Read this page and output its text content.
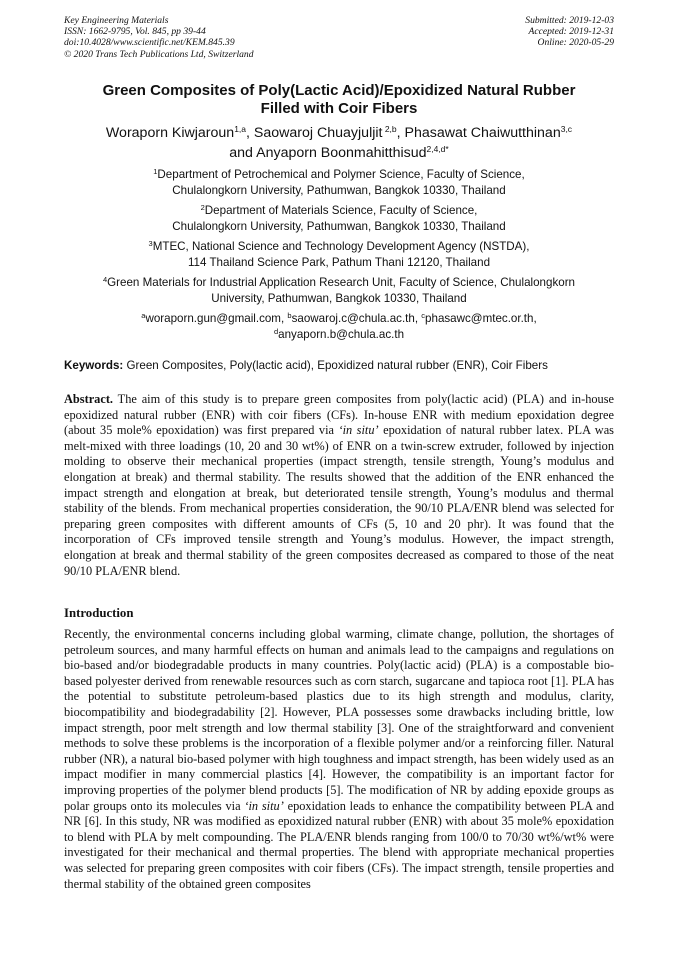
Key Engineering Materials
ISSN: 1662-9795, Vol. 845, pp 39-44
doi:10.4028/www.scientific.net/KEM.845.39
© 2020 Trans Tech Publications Ltd, Switzerland
Submitted: 2019-12-03
Accepted: 2019-12-31
Online: 2020-05-29
Green Composites of Poly(Lactic Acid)/Epoxidized Natural Rubber
Filled with Coir Fibers
Woraporn Kiwjaroun$^{1,a}$, Saowaroj Chuayjuljit $^{2,b}$, Phasawat Chaiwutthinan$^{3,c}$
and Anyaporn Boonmahitthisud$^{2,4,d*}$
$^1$Department of Petrochemical and Polymer Science, Faculty of Science,
Chulalongkorn University, Pathumwan, Bangkok 10330, Thailand
$^2$Department of Materials Science, Faculty of Science,
Chulalongkorn University, Pathumwan, Bangkok 10330, Thailand
$^3$MTEC, National Science and Technology Development Agency (NSTDA),
114 Thailand Science Park, Pathum Thani 12120, Thailand
$^4$Green Materials for Industrial Application Research Unit, Faculty of Science, Chulalongkorn
University, Pathumwan, Bangkok 10330, Thailand
$^a$woraporn.gun@gmail.com, $^b$saowaroj.c@chula.ac.th, $^c$phasawc@mtec.or.th,
$^d$anyaporn.b@chula.ac.th
Keywords: Green Composites, Poly(lactic acid), Epoxidized natural rubber (ENR), Coir Fibers
Abstract. The aim of this study is to prepare green composites from poly(lactic acid) (PLA) and in-house epoxidized natural rubber (ENR) with coir fibers (CFs). In-house ENR with medium epoxidation degree (about 35 mole% epoxidation) was first prepared via ‘in situ’ epoxidation of natural rubber latex. PLA was melt-mixed with three loadings (10, 20 and 30 wt%) of ENR on a twin-screw extruder, followed by injection molding to observe their mechanical properties (impact strength, tensile strength, Young’s modulus and elongation at break) and thermal stability. The results showed that the addition of the ENR enhanced the impact strength and elongation at break, but deteriorated tensile strength, Young’s modulus and thermal stability of the blends. From mechanical properties consideration, the 90/10 PLA/ENR blend was selected for preparing green composites with different amounts of CFs (5, 10 and 20 phr). It was found that the incorporation of CFs improved tensile strength and Young’s modulus. However, the impact strength, elongation at break and thermal stability of the green composites decreased as compared to those of the neat 90/10 PLA/ENR blend.
Introduction
Recently, the environmental concerns including global warming, climate change, pollution, the shortages of petroleum sources, and many harmful effects on human and animals lead to the campaigns and regulations on bio-based and/or biodegradable products in many countries. Poly(lactic acid) (PLA) is a compostable bio-based polyester derived from renewable resources such as corn starch, sugarcane and tapioca root [1]. PLA has the potential to substitute petroleum-based plastics due to its high strength and modulus, clarity, biocompatibility and biodegradability [2]. However, PLA possesses some drawbacks including brittle, low impact strength, poor melt strength and low thermal stability [3]. One of the straightforward and convenient methods to solve these problems is the incorporation of a flexible polymer and/or a reinforcing filler. Natural rubber (NR), a natural bio-based polymer with high toughness and impact strength, has been widely used as an impact modifier in many commercial plastics [4]. However, the compatibility is an important factor for improving properties of the polymer blend products [5]. The modification of NR by adding epoxide groups as polar groups onto its molecules via ‘in situ’ epoxidation leads to enhance the compatibility between PLA and NR [6]. In this study, NR was modified as epoxidized natural rubber (ENR) with about 35 mole% epoxidation to blend with PLA by melt compounding. The PLA/ENR blends ranging from 100/0 to 70/30 wt%/wt% were investigated for their mechanical and thermal properties. The blend with appropriate mechanical properties was selected for preparing green composites with coir fibers (CFs). The impact strength, tensile properties and thermal stability of the obtained green composites
